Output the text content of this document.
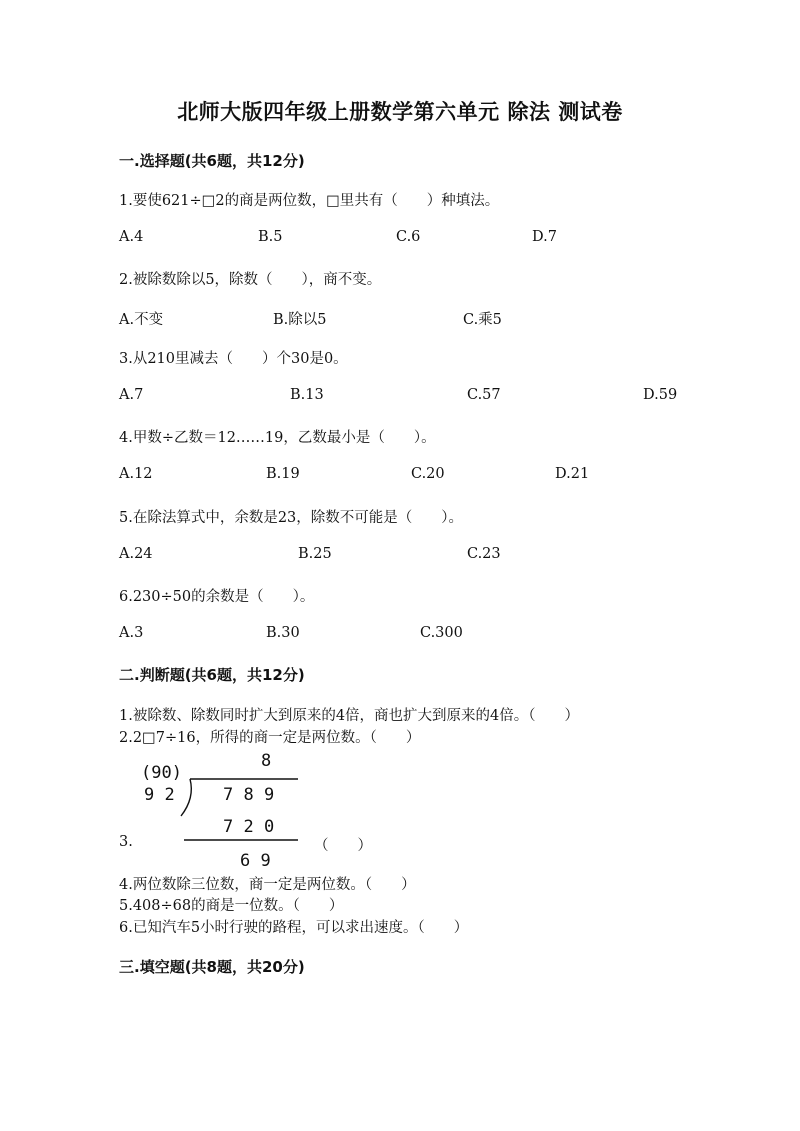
北师大版四年级上册数学第六单元 除法 测试卷
一.选择题(共6题，共12分)
1.要使621÷□2的商是两位数，□里共有（　　）种填法。
A.4	B.5	C.6	D.7
2.被除数除以5，除数（　　），商不变。
A.不变	B.除以5	C.乘5
3.从210里减去（　　）个30是0。
A.7	B.13	C.57	D.59
4.甲数÷乙数＝12……19，乙数最小是（　　）。
A.12	B.19	C.20	D.21
5.在除法算式中，余数是23，除数不可能是（　　）。
A.24	B.25	C.23
6.230÷50的余数是（　　）。
A.3	B.30	C.300
二.判断题(共6题，共12分)
1.被除数、除数同时扩大到原来的4倍，商也扩大到原来的4倍。（　　）
2.2□7÷16，所得的商一定是两位数。（　　）
(90)
9 2
8
7 8 9
7 2 0
6 9
3.	（　　）
4.两位数除三位数，商一定是两位数。（　　）
5.408÷68的商是一位数。（　　）
6.已知汽车5小时行驶的路程，可以求出速度。（　　）
三.填空题(共8题，共20分)
